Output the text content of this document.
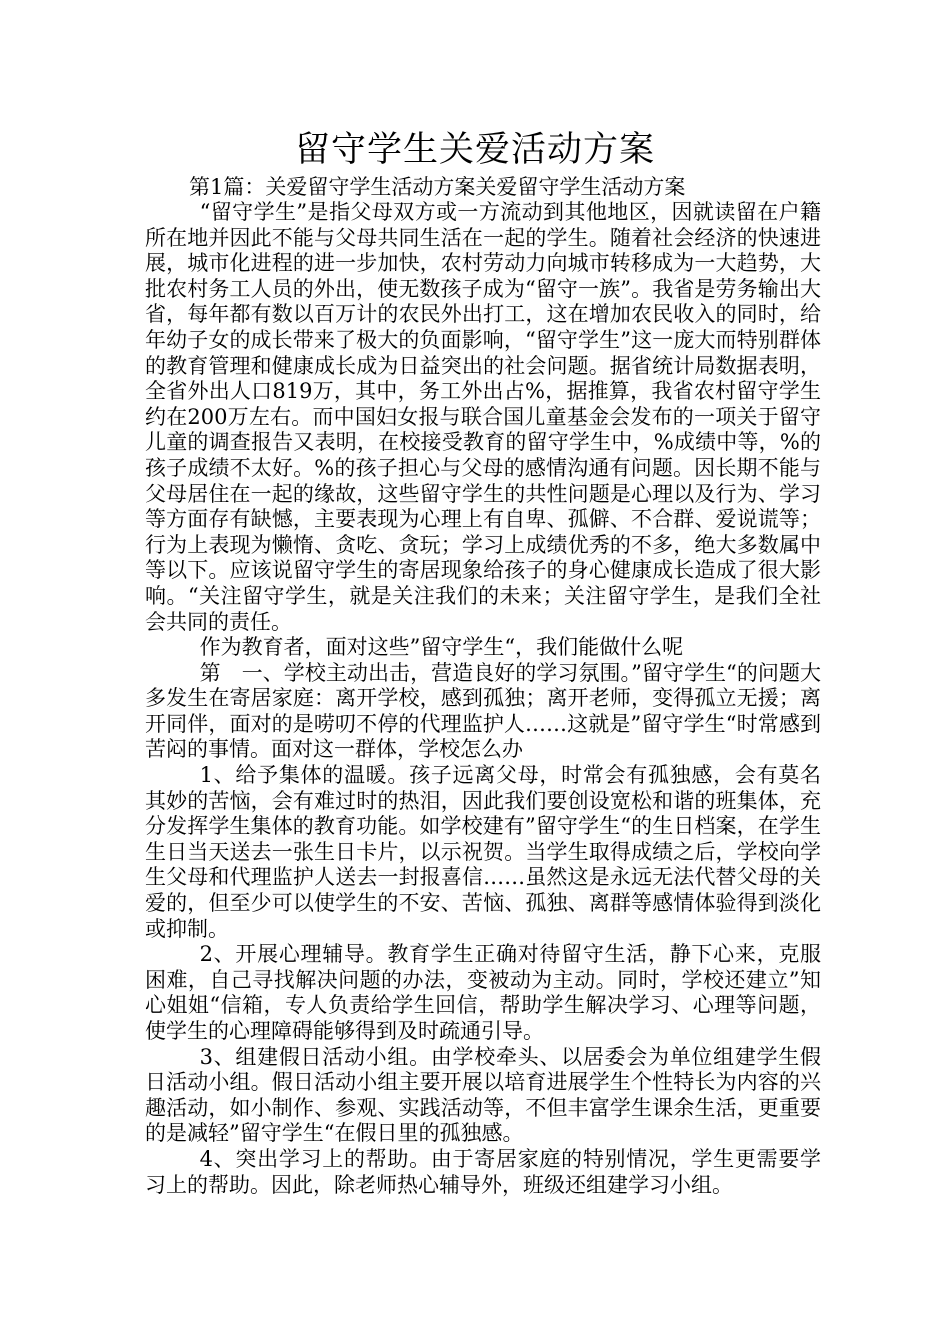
留守学生关爱活动方案
第1篇：关爱留守学生活动方案关爱留守学生活动方案

“留守学生”是指父母双方或一方流动到其他地区，因就读留在户籍所在地并因此不能与父母共同生活在一起的学生。随着社会经济的快速进展，城市化进程的进一步加快，农村劳动力向城市转移成为一大趋势，大批农村务工人员的外出，使无数孩子成为“留守一族”。我省是劳务输出大省，每年都有数以百万计的农民外出打工，这在增加农民收入的同时，给年幼子女的成长带来了极大的负面影响，“留守学生”这一庞大而特别群体的教育管理和健康成长成为日益突出的社会问题。据省统计局数据表明，全省外出人口819万，其中，务工外出占%，据推算，我省农村留守学生约在200万左右。而中国妇女报与联合国儿童基金会发布的一项关于留守儿童的调查报告又表明，在校接受教育的留守学生中，%成绩中等，%的孩子成绩不太好。%的孩子担心与父母的感情沟通有问题。因长期不能与父母居住在一起的缘故，这些留守学生的共性问题是心理以及行为、学习等方面存有缺憾，主要表现为心理上有自卑、孤僻、不合群、爱说谎等；行为上表现为懒惰、贪吃、贪玩；学习上成绩优秀的不多，绝大多数属中等以下。应该说留守学生的寄居现象给孩子的身心健康成长造成了很大影响。“关注留守学生，就是关注我们的未来；关注留守学生，是我们全社会共同的责任。

作为教育者，面对这些”留守学生“，我们能做什么呢

第　一、学校主动出击，营造良好的学习氛围。”留守学生“的问题大多发生在寄居家庭：离开学校，感到孤独；离开老师，变得孤立无援；离开同伴，面对的是唠叨不停的代理监护人……这就是”留守学生“时常感到苦闷的事情。面对这一群体，学校怎么办

1、给予集体的温暖。孩子远离父母，时常会有孤独感，会有莫名其妙的苦恼，会有难过时的热泪，因此我们要创设宽松和谐的班集体，充分发挥学生集体的教育功能。如学校建有”留守学生“的生日档案，在学生生日当天送去一张生日卡片，以示祝贺。当学生取得成绩之后，学校向学生父母和代理监护人送去一封报喜信……虽然这是永远无法代替父母的关爱的，但至少可以使学生的不安、苦恼、孤独、离群等感情体验得到淡化或抑制。

2、开展心理辅导。教育学生正确对待留守生活，静下心来，克服困难，自己寻找解决问题的办法，变被动为主动。同时，学校还建立”知心姐姐“信箱，专人负责给学生回信，帮助学生解决学习、心理等问题，使学生的心理障碍能够得到及时疏通引导。

3、组建假日活动小组。由学校牵头、以居委会为单位组建学生假日活动小组。假日活动小组主要开展以培育进展学生个性特长为内容的兴趣活动，如小制作、参观、实践活动等，不但丰富学生课余生活，更重要的是减轻”留守学生“在假日里的孤独感。

4、突出学习上的帮助。由于寄居家庭的特别情况，学生更需要学习上的帮助。因此，除老师热心辅导外，班级还组建学习小组。
